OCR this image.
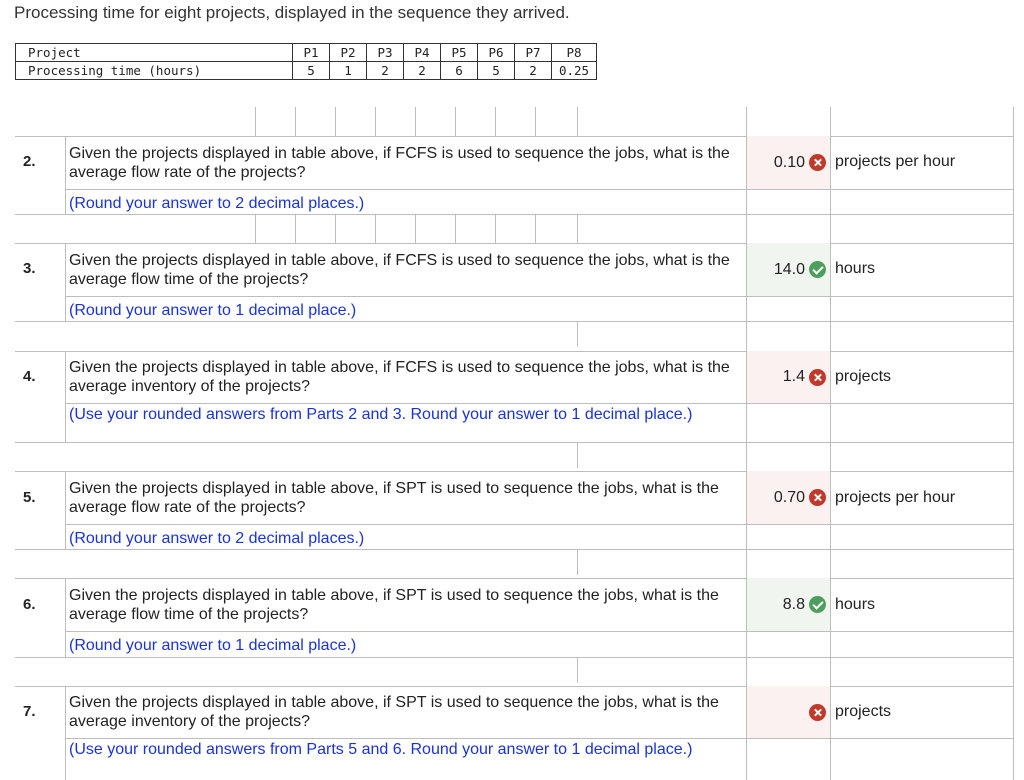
Processing time for eight projects, displayed in the sequence they arrived.
Project	P1	P2	P3	P4	P5	P6	P7	P8
Processing time (hours)	5	1	2	2	6	5	2	0.25
2. Given the projects displayed in table above, if FCFS is used to sequence the jobs, what is the average flow rate of the projects?
(Round your answer to 2 decimal places.)
0.10 projects per hour
3. Given the projects displayed in table above, if FCFS is used to sequence the jobs, what is the average flow time of the projects?
(Round your answer to 1 decimal place.)
14.0 hours
4.
Given the projects displayed in table above, if FCFS is used to sequence the jobs, what is the average inventory of the projects?
(Use your rounded answers from Parts 2 and 3. Round your answer to 1 decimal place.)
1.4 projects
5.
Given the projects displayed in table above, if SPT is used to sequence the jobs, what is the average flow rate of the projects?
(Round your answer to 2 decimal places.)
0.70 projects per hour
6.
Given the projects displayed in table above, if SPT is used to sequence the jobs, what is the average flow time of the projects?
(Round your answer to 1 decimal place.)
8.8 hours
7.
Given the projects displayed in table above, if SPT is used to sequence the jobs, what is the average inventory of the projects?
(Use your rounded answers from Parts 5 and 6. Round your answer to 1 decimal place.)
projects
